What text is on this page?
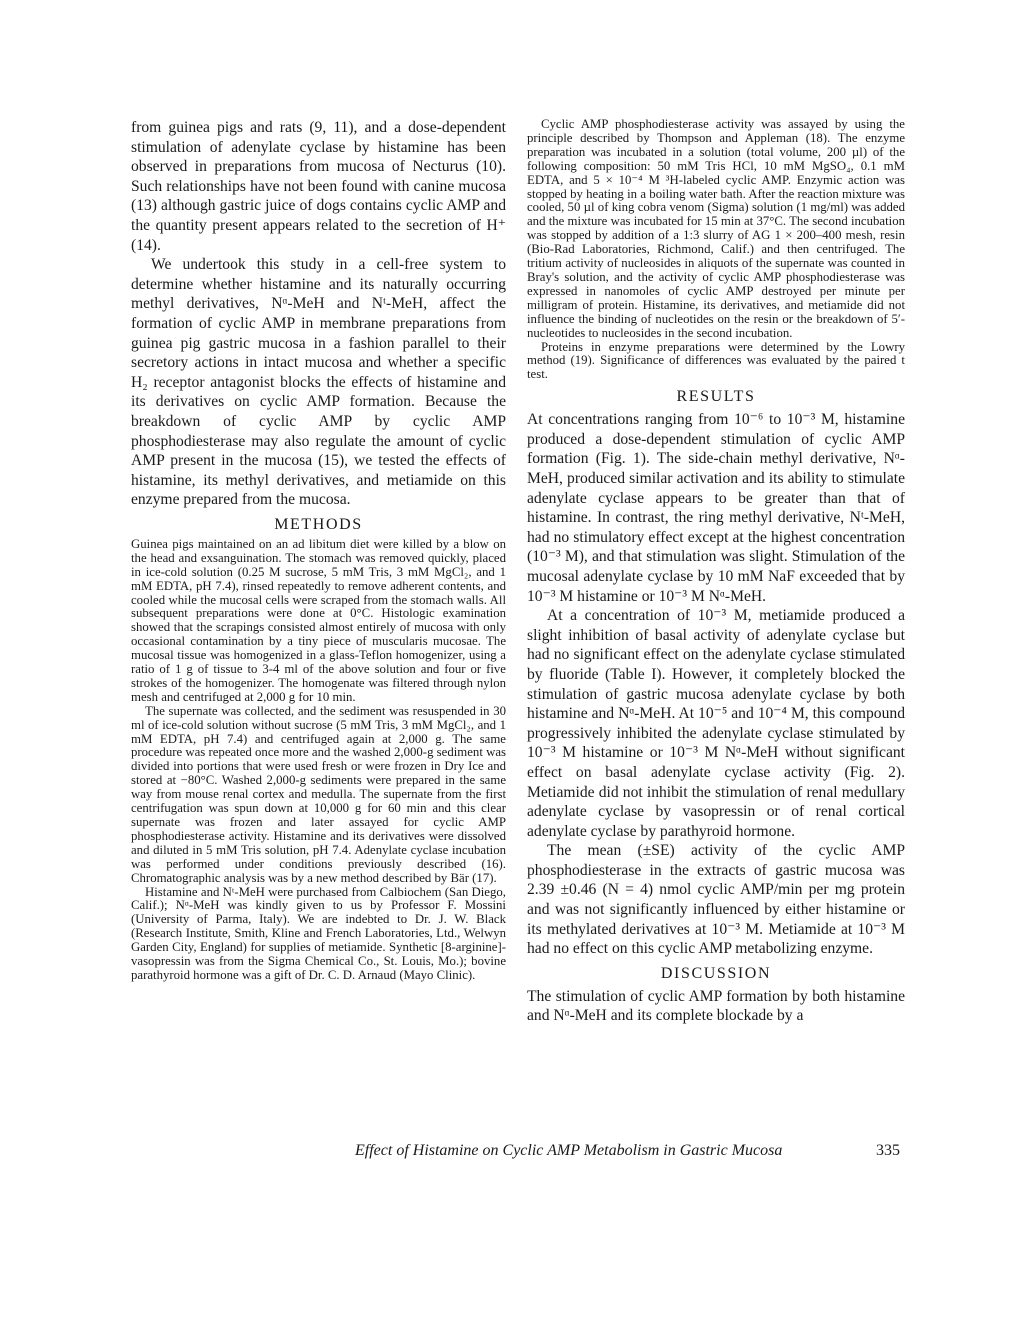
from guinea pigs and rats (9, 11), and a dose-dependent stimulation of adenylate cyclase by histamine has been observed in preparations from mucosa of Necturus (10). Such relationships have not been found with canine mucosa (13) although gastric juice of dogs contains cyclic AMP and the quantity present appears related to the secretion of H⁺ (14).

We undertook this study in a cell-free system to determine whether histamine and its naturally occurring methyl derivatives, Nᵅ-MeH and Nᵗ-MeH, affect the formation of cyclic AMP in membrane preparations from guinea pig gastric mucosa in a fashion parallel to their secretory actions in intact mucosa and whether a specific H₂ receptor antagonist blocks the effects of histamine and its derivatives on cyclic AMP formation. Because the breakdown of cyclic AMP by cyclic AMP phosphodiesterase may also regulate the amount of cyclic AMP present in the mucosa (15), we tested the effects of histamine, its methyl derivatives, and metiamide on this enzyme prepared from the mucosa.

METHODS

Guinea pigs maintained on an ad libitum diet were killed by a blow on the head and exsanguination. The stomach was removed quickly, placed in ice-cold solution (0.25 M sucrose, 5 mM Tris, 3 mM MgCl₂, and 1 mM EDTA, pH 7.4), rinsed repeatedly to remove adherent contents, and cooled while the mucosal cells were scraped from the stomach walls. All subsequent preparations were done at 0°C. Histologic examination showed that the scrapings consisted almost entirely of mucosa with only occasional contamination by a tiny piece of muscularis mucosae. The mucosal tissue was homogenized in a glass-Teflon homogenizer, using a ratio of 1 g of tissue to 3-4 ml of the above solution and four or five strokes of the homogenizer. The homogenate was filtered through nylon mesh and centrifuged at 2,000 g for 10 min.

The supernate was collected, and the sediment was resuspended in 30 ml of ice-cold solution without sucrose (5 mM Tris, 3 mM MgCl₂, and 1 mM EDTA, pH 7.4) and centrifuged again at 2,000 g. The same procedure was repeated once more and the washed 2,000-g sediment was divided into portions that were used fresh or were frozen in Dry Ice and stored at −80°C. Washed 2,000-g sediments were prepared in the same way from mouse renal cortex and medulla. The supernate from the first centrifugation was spun down at 10,000 g for 60 min and this clear supernate was frozen and later assayed for cyclic AMP phosphodiesterase activity. Histamine and its derivatives were dissolved and diluted in 5 mM Tris solution, pH 7.4. Adenylate cyclase incubation was performed under conditions previously described (16). Chromatographic analysis was by a new method described by Bär (17).

Histamine and Nᵗ-MeH were purchased from Calbiochem (San Diego, Calif.); Nᵅ-MeH was kindly given to us by Professor F. Mossini (University of Parma, Italy). We are indebted to Dr. J. W. Black (Research Institute, Smith, Kline and French Laboratories, Ltd., Welwyn Garden City, England) for supplies of metiamide. Synthetic [8-arginine]-vasopressin was from the Sigma Chemical Co., St. Louis, Mo.); bovine parathyroid hormone was a gift of Dr. C. D. Arnaud (Mayo Clinic).

Cyclic AMP phosphodiesterase activity was assayed by using the principle described by Thompson and Appleman (18). The enzyme preparation was incubated in a solution (total volume, 200 µl) of the following composition: 50 mM Tris HCl, 10 mM MgSO₄, 0.1 mM EDTA, and 5 × 10⁻⁴ M ³H-labeled cyclic AMP. Enzymic action was stopped by heating in a boiling water bath. After the reaction mixture was cooled, 50 µl of king cobra venom (Sigma) solution (1 mg/ml) was added and the mixture was incubated for 15 min at 37°C. The second incubation was stopped by addition of a 1:3 slurry of AG 1 × 200–400 mesh, resin (Bio-Rad Laboratories, Richmond, Calif.) and then centrifuged. The tritium activity of nucleosides in aliquots of the supernate was counted in Bray's solution, and the activity of cyclic AMP phosphodiesterase was expressed in nanomoles of cyclic AMP destroyed per minute per milligram of protein. Histamine, its derivatives, and metiamide did not influence the binding of nucleotides on the resin or the breakdown of 5′-nucleotides to nucleosides in the second incubation.

Proteins in enzyme preparations were determined by the Lowry method (19). Significance of differences was evaluated by the paired t test.

RESULTS

At concentrations ranging from 10⁻⁶ to 10⁻³ M, histamine produced a dose-dependent stimulation of cyclic AMP formation (Fig. 1). The side-chain methyl derivative, Nᵅ-MeH, produced similar activation and its ability to stimulate adenylate cyclase appears to be greater than that of histamine. In contrast, the ring methyl derivative, Nᵗ-MeH, had no stimulatory effect except at the highest concentration (10⁻³ M), and that stimulation was slight. Stimulation of the mucosal adenylate cyclase by 10 mM NaF exceeded that by 10⁻³ M histamine or 10⁻³ M Nᵅ-MeH.

At a concentration of 10⁻³ M, metiamide produced a slight inhibition of basal activity of adenylate cyclase but had no significant effect on the adenylate cyclase stimulated by fluoride (Table I). However, it completely blocked the stimulation of gastric mucosa adenylate cyclase by both histamine and Nᵅ-MeH. At 10⁻⁵ and 10⁻⁴ M, this compound progressively inhibited the adenylate cyclase stimulated by 10⁻³ M histamine or 10⁻³ M Nᵅ-MeH without significant effect on basal adenylate cyclase activity (Fig. 2). Metiamide did not inhibit the stimulation of renal medullary adenylate cyclase by vasopressin or of renal cortical adenylate cyclase by parathyroid hormone.

The mean (±SE) activity of the cyclic AMP phosphodiesterase in the extracts of gastric mucosa was 2.39 ±0.46 (N = 4) nmol cyclic AMP/min per mg protein and was not significantly influenced by either histamine or its methylated derivatives at 10⁻³ M. Metiamide at 10⁻³ M had no effect on this cyclic AMP metabolizing enzyme.

DISCUSSION

The stimulation of cyclic AMP formation by both histamine and Nᵅ-MeH and its complete blockade by a

Effect of Histamine on Cyclic AMP Metabolism in Gastric Mucosa	335
